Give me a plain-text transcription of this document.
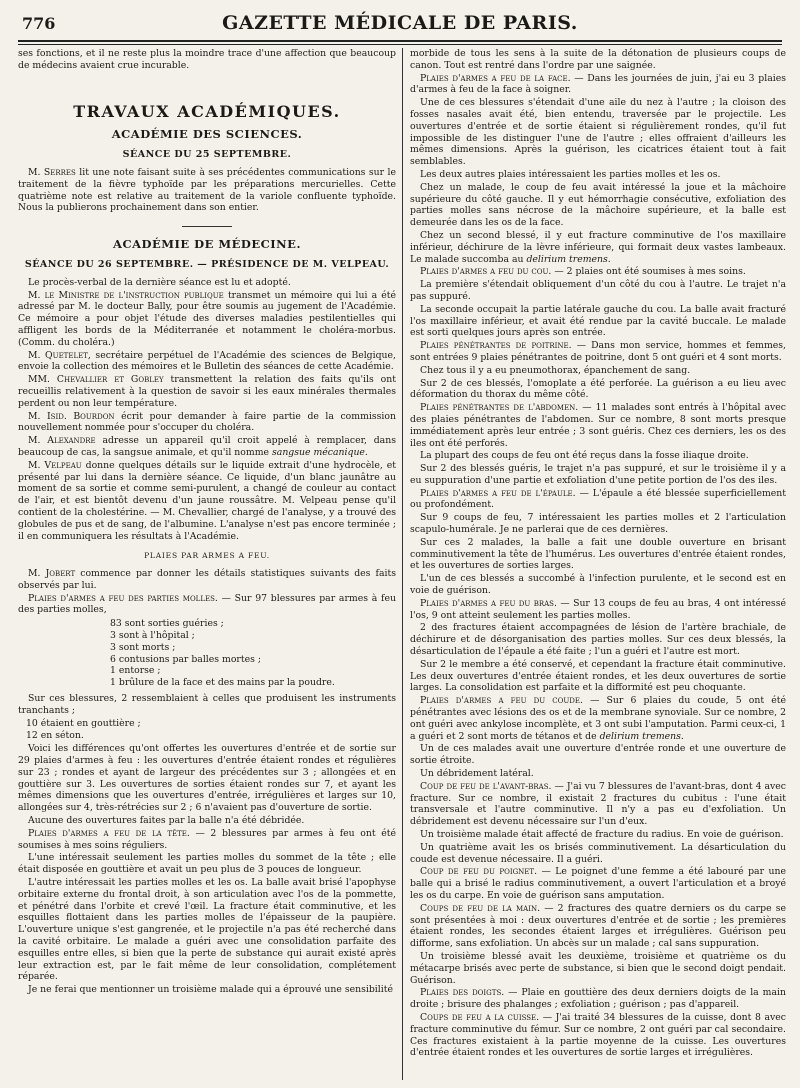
776	GAZETTE MÉDICALE DE PARIS.

ses fonctions, et il ne reste plus la moindre trace d'une affection que beaucoup de médecins avaient crue incurable.

TRAVAUX ACADÉMIQUES.
ACADÉMIE DES SCIENCES.
SÉANCE DU 25 SEPTEMBRE.

M. Serres lit une note faisant suite à ses précédentes communications sur le traitement de la fièvre typhoïde par les préparations mercurielles. Cette quatrième note est relative au traitement de la variole confluente typhoïde. Nous la publierons prochainement dans son entier.

ACADÉMIE DE MÉDECINE.
SÉANCE DU 26 SEPTEMBRE. — PRÉSIDENCE DE M. VELPEAU.

Le procès-verbal de la dernière séance est lu et adopté.

M. le Ministre de l'instruction publique transmet un mémoire qui lui a été adressé par M. le docteur Bally, pour être soumis au jugement de l'Académie. Ce mémoire a pour objet l'étude des diverses maladies pestilentielles qui affligent les bords de la Méditerranée et notamment le choléra-morbus. (Comm. du choléra.)

M. Quetelet, secrétaire perpétuel de l'Académie des sciences de Belgique, envoie la collection des mémoires et le Bulletin des séances de cette Académie.

MM. Chevallier et Gobley transmettent la relation des faits qu'ils ont recueillis relativement à la question de savoir si les eaux minérales thermales perdent ou non leur température.

M. Isid. Bourdon écrit pour demander à faire partie de la commission nouvellement nommée pour s'occuper du choléra.

M. Alexandre adresse un appareil qu'il croit appelé à remplacer, dans beaucoup de cas, la sangsue animale, et qu'il nomme sangsue mécanique.

M. Velpeau donne quelques détails sur le liquide extrait d'une hydrocèle, et présenté par lui dans la dernière séance. Ce liquide, d'un blanc jaunâtre au moment de sa sortie et comme semi-purulent, a changé de couleur au contact de l'air, et est bientôt devenu d'un jaune roussâtre. M. Velpeau pense qu'il contient de la cholestérine. — M. Chevallier, chargé de l'analyse, y a trouvé des globules de pus et de sang, de l'albumine. L'analyse n'est pas encore terminée ; il en communiquera les résultats à l'Académie.

PLAIES PAR ARMES A FEU.

M. Jobert commence par donner les détails statistiques suivants des faits observés par lui.

Plaies d'armes a feu des parties molles. — Sur 97 blessures par armes à feu des parties molles,

83 sont sorties guéries ;
3 sont à l'hôpital ;
3 sont morts ;
6 contusions par balles mortes ;
1 entorse ;
1 brûlure de la face et des mains par la poudre.

Sur ces blessures, 2 ressemblaient à celles que produisent les instruments tranchants ;

10 étaient en gouttière ;

12 en séton.

Voici les différences qu'ont offertes les ouvertures d'entrée et de sortie sur 29 plaies d'armes à feu : les ouvertures d'entrée étaient rondes et régulières sur 23 ; rondes et ayant de largeur des précédentes sur 3 ; allongées et en gouttière sur 3. Les ouvertures de sorties étaient rondes sur 7, et ayant les mêmes dimensions que les ouvertures d'entrée, irrégulières et larges sur 10, allongées sur 4, très-rétrécies sur 2 ; 6 n'avaient pas d'ouverture de sortie.

Aucune des ouvertures faites par la balle n'a été débridée.

Plaies d'armes a feu de la tête. — 2 blessures par armes à feu ont été soumises à mes soins réguliers.

L'une intéressait seulement les parties molles du sommet de la tête ; elle était disposée en gouttière et avait un peu plus de 3 pouces de longueur.

L'autre intéressait les parties molles et les os. La balle avait brisé l'apophyse orbitaire externe du frontal droit, à son articulation avec l'os de la pommette, et pénétré dans l'orbite et crevé l'œil. La fracture était comminutive, et les esquilles flottaient dans les parties molles de l'épaisseur de la paupière. L'ouverture unique s'est gangrenée, et le projectile n'a pas été recherché dans la cavité orbitaire. Le malade a guéri avec une consolidation parfaite des esquilles entre elles, si bien que la perte de substance qui aurait existé après leur extraction est, par le fait même de leur consolidation, complétement réparée.

Je ne ferai que mentionner un troisième malade qui a éprouvé une sensibilité

morbide de tous les sens à la suite de la détonation de plusieurs coups de canon. Tout est rentré dans l'ordre par une saignée.

Plaies d'armes a feu de la face. — Dans les journées de juin, j'ai eu 3 plaies d'armes à feu de la face à soigner.

Une de ces blessures s'étendait d'une aile du nez à l'autre ; la cloison des fosses nasales avait été, bien entendu, traversée par le projectile. Les ouvertures d'entrée et de sortie étaient si régulièrement rondes, qu'il fut impossible de les distinguer l'une de l'autre ; elles offraient d'ailleurs les mêmes dimensions. Après la guérison, les cicatrices étaient tout à fait semblables.

Les deux autres plaies intéressaient les parties molles et les os.

Chez un malade, le coup de feu avait intéressé la joue et la mâchoire supérieure du côté gauche. Il y eut hémorrhagie consécutive, exfoliation des parties molles sans nécrose de la mâchoire supérieure, et la balle est demeurée dans les os de la face.

Chez un second blessé, il y eut fracture comminutive de l'os maxillaire inférieur, déchirure de la lèvre inférieure, qui formait deux vastes lambeaux. Le malade succomba au delirium tremens.

Plaies d'armes a feu du cou. — 2 plaies ont été soumises à mes soins.

La première s'étendait obliquement d'un côté du cou à l'autre. Le trajet n'a pas suppuré.

La seconde occupait la partie latérale gauche du cou. La balle avait fracturé l'os maxillaire inférieur, et avait été rendue par la cavité buccale. Le malade est sorti quelques jours après son entrée.

Plaies pénétrantes de poitrine. — Dans mon service, hommes et femmes, sont entrées 9 plaies pénétrantes de poitrine, dont 5 ont guéri et 4 sont morts.

Chez tous il y a eu pneumothorax, épanchement de sang.

Sur 2 de ces blessés, l'omoplate a été perforée. La guérison a eu lieu avec déformation du thorax du même côté.

Plaies pénétrantes de l'abdomen. — 11 malades sont entrés à l'hôpital avec des plaies pénétrantes de l'abdomen. Sur ce nombre, 8 sont morts presque immédiatement après leur entrée ; 3 sont guéris. Chez ces derniers, les os des iles ont été perforés.

La plupart des coups de feu ont été reçus dans la fosse iliaque droite.

Sur 2 des blessés guéris, le trajet n'a pas suppuré, et sur le troisième il y a eu suppuration d'une partie et exfoliation d'une petite portion de l'os des iles.

Plaies d'armes a feu de l'épaule. — L'épaule a été blessée superficiellement ou profondément.

Sur 9 coups de feu, 7 intéressaient les parties molles et 2 l'articulation scapulo-humérale. Je ne parlerai que de ces dernières.

Sur ces 2 malades, la balle a fait une double ouverture en brisant comminutivement la tête de l'humérus. Les ouvertures d'entrée étaient rondes, et les ouvertures de sorties larges.

L'un de ces blessés a succombé à l'infection purulente, et le second est en voie de guérison.

Plaies d'armes a feu du bras. — Sur 13 coups de feu au bras, 4 ont intéressé l'os, 9 ont atteint seulement les parties molles.

2 des fractures étaient accompagnées de lésion de l'artère brachiale, de déchirure et de désorganisation des parties molles. Sur ces deux blessés, la désarticulation de l'épaule a été faite ; l'un a guéri et l'autre est mort.

Sur 2 le membre a été conservé, et cependant la fracture était comminutive. Les deux ouvertures d'entrée étaient rondes, et les deux ouvertures de sortie larges. La consolidation est parfaite et la difformité est peu choquante.

Plaies d'armes a feu du coude. — Sur 6 plaies du coude, 5 ont été pénétrantes avec lésions des os et de la membrane synoviale. Sur ce nombre, 2 ont guéri avec ankylose incomplète, et 3 ont subi l'amputation. Parmi ceux-ci, 1 a guéri et 2 sont morts de tétanos et de delirium tremens.

Un de ces malades avait une ouverture d'entrée ronde et une ouverture de sortie étroite.

Un débridement latéral.

Coup de feu de l'avant-bras. — J'ai vu 7 blessures de l'avant-bras, dont 4 avec fracture. Sur ce nombre, il existait 2 fractures du cubitus : l'une était transversale et l'autre comminutive. Il n'y a pas eu d'exfoliation. Un débridement est devenu nécessaire sur l'un d'eux.

Un troisième malade était affecté de fracture du radius. En voie de guérison.

Un quatrième avait les os brisés comminutivement. La désarticulation du coude est devenue nécessaire. Il a guéri.

Coup de feu du poignet. — Le poignet d'une femme a été labouré par une balle qui a brisé le radius comminutivement, a ouvert l'articulation et a broyé les os du carpe. En voie de guérison sans amputation.

Coups de feu de la main. — 2 fractures des quatre derniers os du carpe se sont présentées à moi : deux ouvertures d'entrée et de sortie ; les premières étaient rondes, les secondes étaient larges et irrégulières. Guérison peu difforme, sans exfoliation. Un abcès sur un malade ; cal sans suppuration.

Un troisième blessé avait les deuxième, troisième et quatrième os du métacarpe brisés avec perte de substance, si bien que le second doigt pendait. Guérison.

Plaies des doigts. — Plaie en gouttière des deux derniers doigts de la main droite ; brisure des phalanges ; exfoliation ; guérison ; pas d'appareil.

Coups de feu a la cuisse. — J'ai traité 34 blessures de la cuisse, dont 8 avec fracture comminutive du fémur. Sur ce nombre, 2 ont guéri par cal secondaire. Ces fractures existaient à la partie moyenne de la cuisse. Les ouvertures d'entrée étaient rondes et les ouvertures de sortie larges et irrégulières.
